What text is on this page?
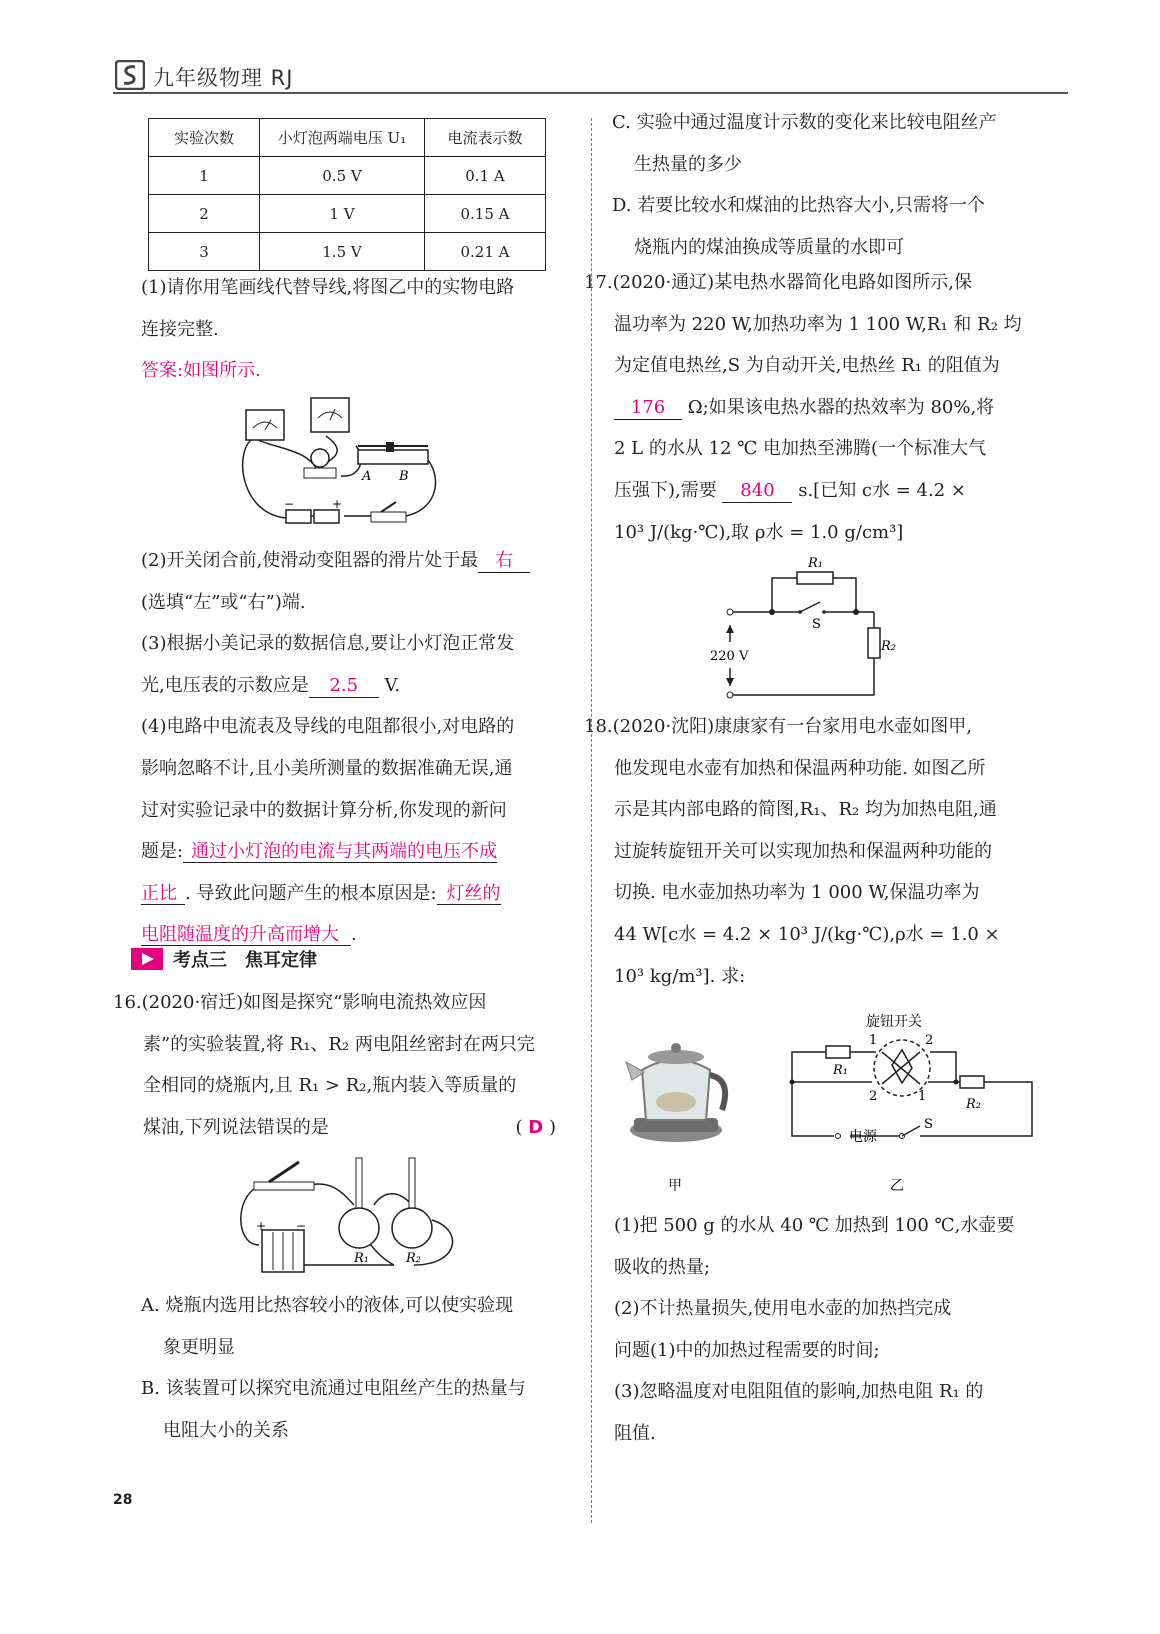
九年级物理 RJ
实验次数	小灯泡两端电压 U₁	电流表示数
1	0.5 V	0.1 A
2	1 V	0.15 A
3	1.5 V	0.21 A

(1)请你用笔画线代替导线,将图乙中的实物电路

连接完整.

答案:如图所示.

A B
−	+

(2)开关闭合前,使滑动变阻器的滑片处于最 右

(选填“左”或“右”)端.

(3)根据小美记录的数据信息,要让小灯泡正常发

光,电压表的示数应是 2.5 V.

(4)电路中电流表及导线的电阻都很小,对电路的

影响忽略不计,且小美所测量的数据准确无误,通

过对实验记录中的数据计算分析,你发现的新问

题是: 通过小灯泡的电流与其两端的电压不成

正比 . 导致此问题产生的根本原因是: 灯丝的

电阻随温度的升高而增大 .

考点三　焦耳定律

16.(2020·宿迁)如图是探究“影响电流热效应因

素”的实验装置,将 R₁、R₂ 两电阻丝密封在两只完

全相同的烧瓶内,且 R₁ > R₂,瓶内装入等质量的

煤油,下列说法错误的是	( D )

+ −
R₁	R₂

A. 烧瓶内选用比热容较小的液体,可以使实验现

象更明显

B. 该装置可以探究电流通过电阻丝产生的热量与

电阻大小的关系

C. 实验中通过温度计示数的变化来比较电阻丝产

生热量的多少

D. 若要比较水和煤油的比热容大小,只需将一个

烧瓶内的煤油换成等质量的水即可

17.(2020·通辽)某电热水器简化电路如图所示,保

温功率为 220 W,加热功率为 1 100 W,R₁ 和 R₂ 均

为定值电热丝,S 为自动开关,电热丝 R₁ 的阻值为

176 Ω;如果该电热水器的热效率为 80%,将

2 L 的水从 12 ℃ 电加热至沸腾(一个标准大气

压强下),需要 840 s.[已知 c水 = 4.2 ×

10³ J/(kg·℃),取 ρ水 = 1.0 g/cm³]

R₁
R₂
S
220 V

18.(2020·沈阳)康康家有一台家用电水壶如图甲,

他发现电水壶有加热和保温两种功能. 如图乙所

示是其内部电路的简图,R₁、R₂ 均为加热电阻,通

过旋转旋钮开关可以实现加热和保温两种功能的

切换. 电水壶加热功率为 1 000 W,保温功率为

44 W[c水 = 4.2 × 10³ J/(kg·℃),ρ水 = 1.0 ×

10³ kg/m³]. 求:

甲
旋钮开关
1	2
2	1
R₁
R₂
电源
S
乙

(1)把 500 g 的水从 40 ℃ 加热到 100 ℃,水壶要

吸收的热量;

(2)不计热量损失,使用电水壶的加热挡完成

问题(1)中的加热过程需要的时间;

(3)忽略温度对电阻阻值的影响,加热电阻 R₁ 的

阻值.

28
